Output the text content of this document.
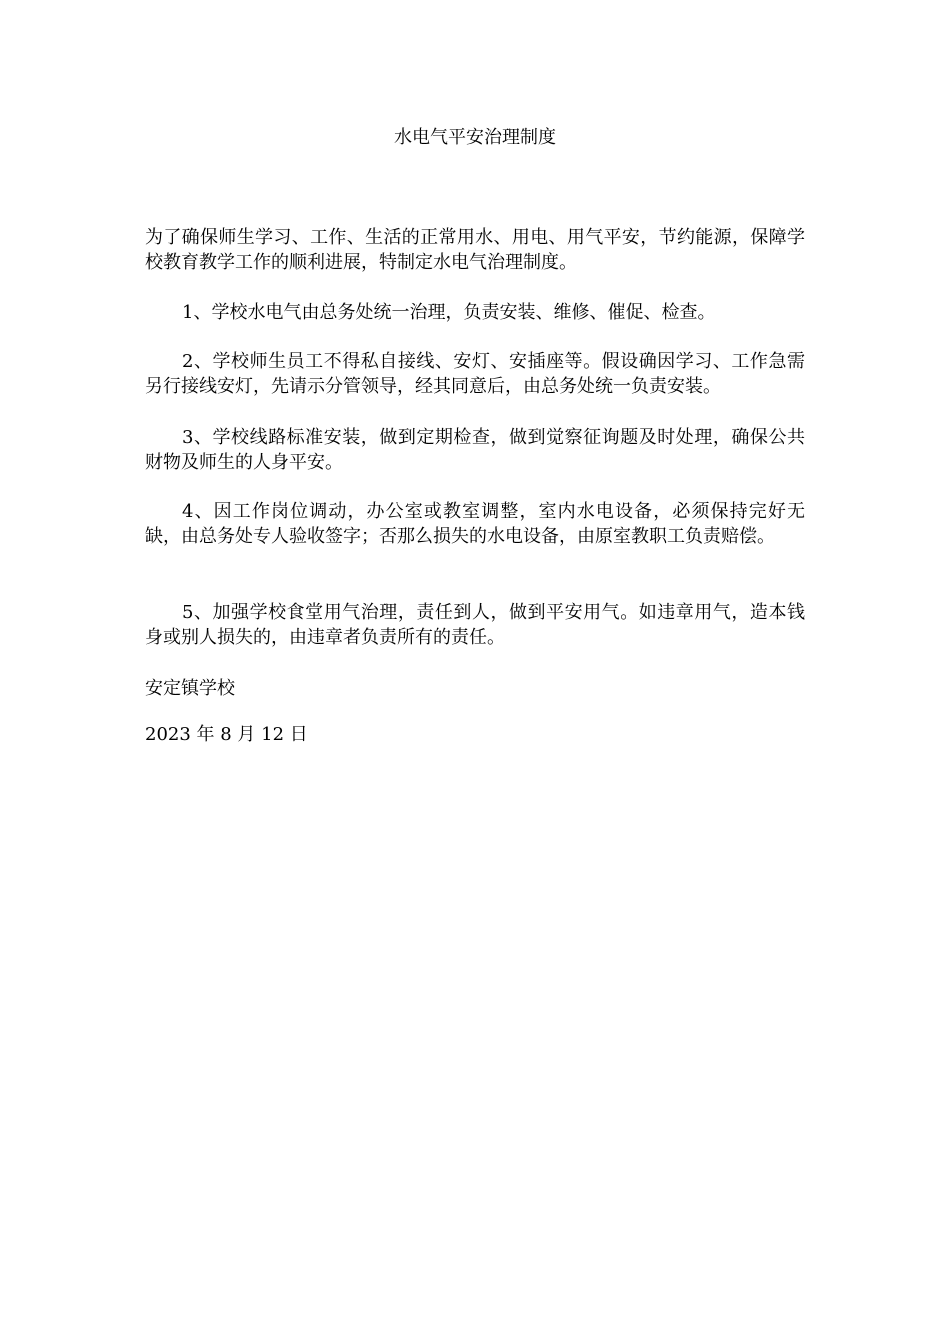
水电气平安治理制度
为了确保师生学习、工作、生活的正常用水、用电、用气平安，节约能源，保障学校教育教学工作的顺利进展，特制定水电气治理制度。
1、学校水电气由总务处统一治理，负责安装、维修、催促、检查。
2、学校师生员工不得私自接线、安灯、安插座等。假设确因学习、工作急需另行接线安灯，先请示分管领导，经其同意后，由总务处统一负责安装。
3、学校线路标准安装，做到定期检查，做到觉察征询题及时处理，确保公共财物及师生的人身平安。
4、因工作岗位调动，办公室或教室调整，室内水电设备，必须保持完好无缺，由总务处专人验收签字；否那么损失的水电设备，由原室教职工负责赔偿。
5、加强学校食堂用气治理，责任到人，做到平安用气。如违章用气，造本钱身或别人损失的，由违章者负责所有的责任。
安定镇学校
2023 年 8 月 12 日
